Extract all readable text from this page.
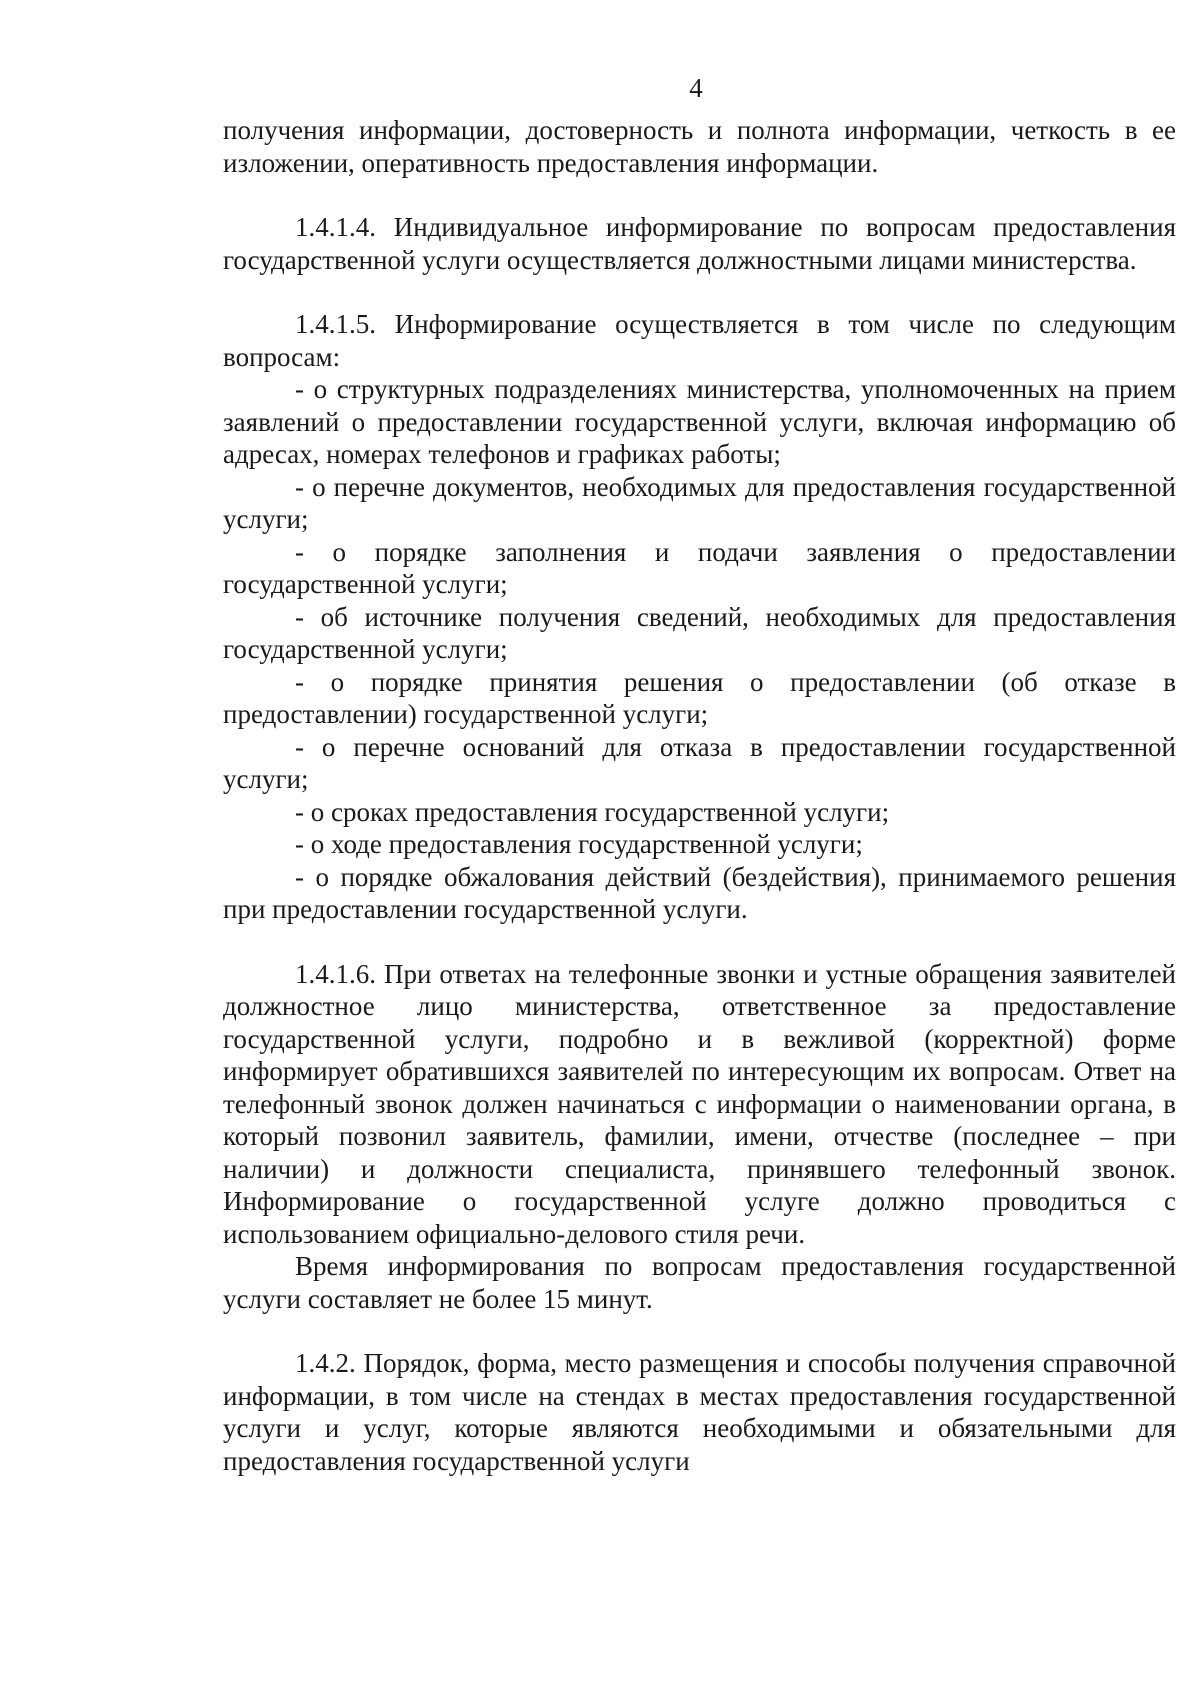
4

получения информации, достоверность и полнота информации, четкость в ее изложении, оперативность предоставления информации.

1.4.1.4. Индивидуальное информирование по вопросам предоставления государственной услуги осуществляется должностными лицами министерства.

1.4.1.5. Информирование осуществляется в том числе по следующим вопросам:

- о структурных подразделениях министерства, уполномоченных на прием заявлений о предоставлении государственной услуги, включая информацию об адресах, номерах телефонов и графиках работы;

- о перечне документов, необходимых для предоставления государственной услуги;

- о порядке заполнения и подачи заявления о предоставлении государственной услуги;

- об источнике получения сведений, необходимых для предоставления государственной услуги;

- о порядке принятия решения о предоставлении (об отказе в предоставлении) государственной услуги;

- о перечне оснований для отказа в предоставлении государственной услуги;

- о сроках предоставления государственной услуги;

- о ходе предоставления государственной услуги;

- о порядке обжалования действий (бездействия), принимаемого решения при предоставлении государственной услуги.

1.4.1.6. При ответах на телефонные звонки и устные обращения заявителей должностное лицо министерства, ответственное за предоставление государственной услуги, подробно и в вежливой (корректной) форме информирует обратившихся заявителей по интересующим их вопросам. Ответ на телефонный звонок должен начинаться с информации о наименовании органа, в который позвонил заявитель, фамилии, имени, отчестве (последнее – при наличии) и должности специалиста, принявшего телефонный звонок. Информирование о государственной услуге должно проводиться с использованием официально-делового стиля речи.

Время информирования по вопросам предоставления государственной услуги составляет не более 15 минут.

1.4.2. Порядок, форма, место размещения и способы получения справочной информации, в том числе на стендах в местах предоставления государственной услуги и услуг, которые являются необходимыми и обязательными для предоставления государственной услуги
